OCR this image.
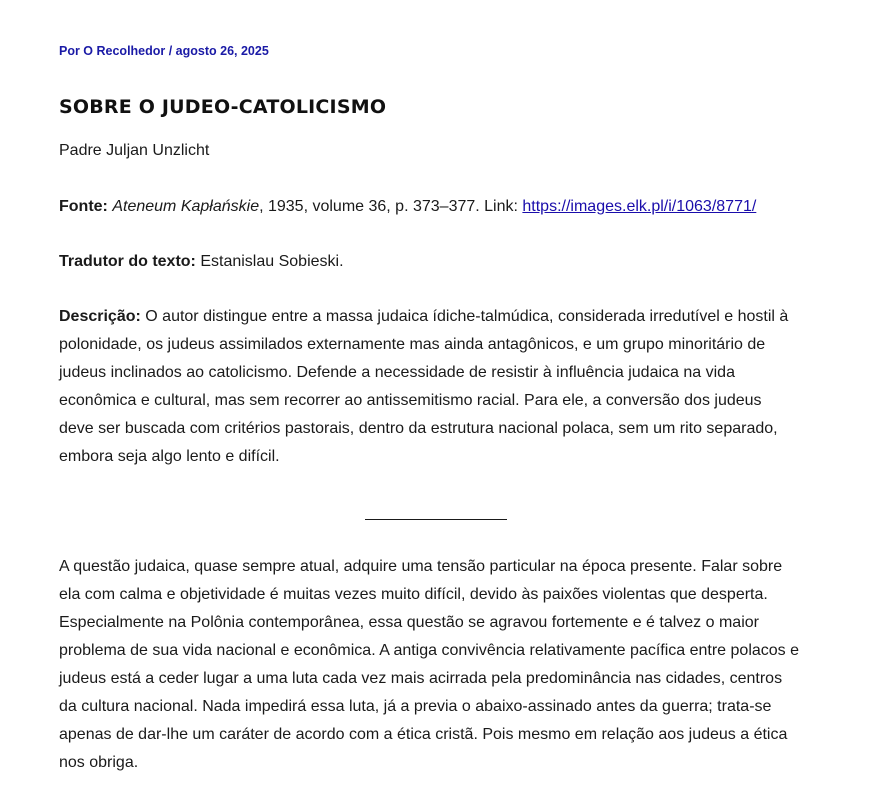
Por O Recolhedor / agosto 26, 2025
SOBRE O JUDEO-CATOLICISMO

Padre Juljan Unzlicht

Fonte: Ateneum Kapłańskie, 1935, volume 36, p. 373–377. Link: https://images.elk.pl/i/1063/8771/

Tradutor do texto: Estanislau Sobieski.

Descrição: O autor distingue entre a massa judaica ídiche-talmúdica, considerada irredutível e hostil à polonidade, os judeus assimilados externamente mas ainda antagônicos, e um grupo minoritário de judeus inclinados ao catolicismo. Defende a necessidade de resistir à influência judaica na vida econômica e cultural, mas sem recorrer ao antissemitismo racial. Para ele, a conversão dos judeus deve ser buscada com critérios pastorais, dentro da estrutura nacional polaca, sem um rito separado, embora seja algo lento e difícil.

A questão judaica, quase sempre atual, adquire uma tensão particular na época presente. Falar sobre ela com calma e objetividade é muitas vezes muito difícil, devido às paixões violentas que desperta. Especialmente na Polônia contemporânea, essa questão se agravou fortemente e é talvez o maior problema de sua vida nacional e econômica. A antiga convivência relativamente pacífica entre polacos e judeus está a ceder lugar a uma luta cada vez mais acirrada pela predominância nas cidades, centros da cultura nacional. Nada impedirá essa luta, já a previa o abaixo-assinado antes da guerra; trata-se apenas de dar-lhe um caráter de acordo com a ética cristã. Pois mesmo em relação aos judeus a ética nos obriga.
